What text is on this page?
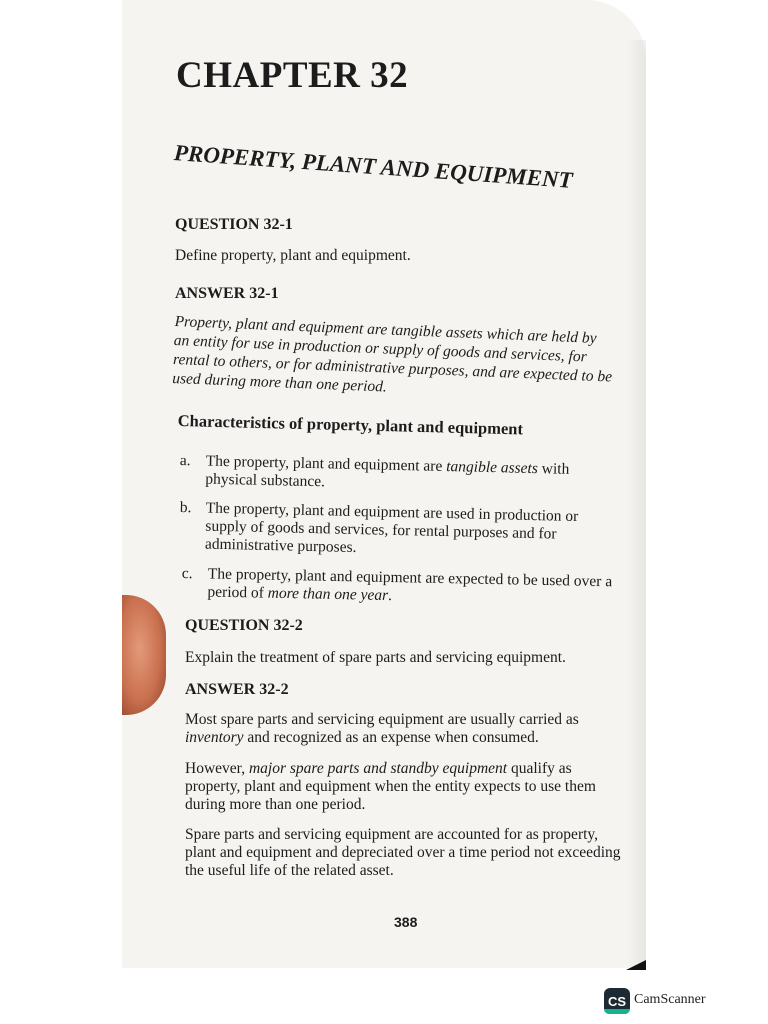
CHAPTER 32
PROPERTY, PLANT AND EQUIPMENT
QUESTION 32-1

Define property, plant and equipment.

ANSWER 32-1

Property, plant and equipment are tangible assets which are held by an entity for use in production or supply of goods and services, for rental to others, or for administrative purposes, and are expected to be used during more than one period.

Characteristics of property, plant and equipment
a. The property, plant and equipment are tangible assets with physical substance.
b. The property, plant and equipment are used in production or supply of goods and services, for rental purposes and for administrative purposes.
c. The property, plant and equipment are expected to be used over a period of more than one year.
QUESTION 32-2

Explain the treatment of spare parts and servicing equipment.

ANSWER 32-2

Most spare parts and servicing equipment are usually carried as inventory and recognized as an expense when consumed.

However, major spare parts and standby equipment qualify as property, plant and equipment when the entity expects to use them during more than one period.

Spare parts and servicing equipment are accounted for as property, plant and equipment and depreciated over a time period not exceeding the useful life of the related asset.

388
CS CamScanner
